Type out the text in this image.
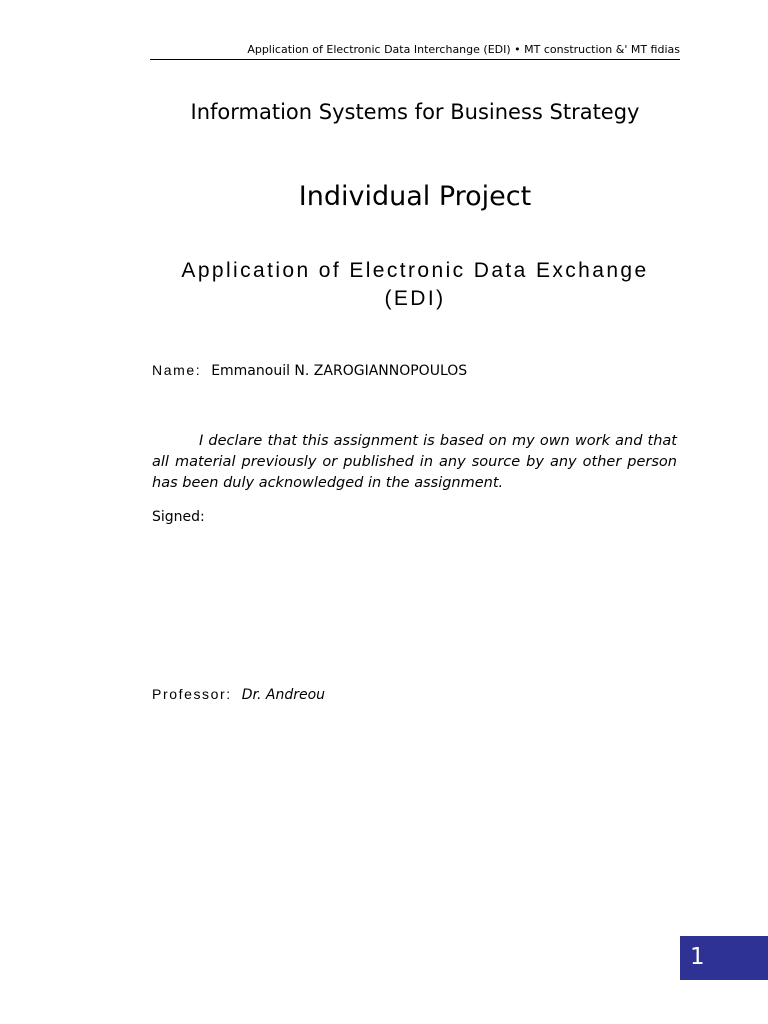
Application of Electronic Data Interchange (EDI) • MT construction &' MT fidias
Information Systems for Business Strategy
Individual Project
Application of Electronic Data Exchange
(EDI)
Name:  Emmanouil N. ZAROGIANNOPOULOS

I declare that this assignment is based on my own work and that all material previously or published in any source by any other person has been duly acknowledged in the assignment.

Signed:
Professor:  Dr. Andreou
1
